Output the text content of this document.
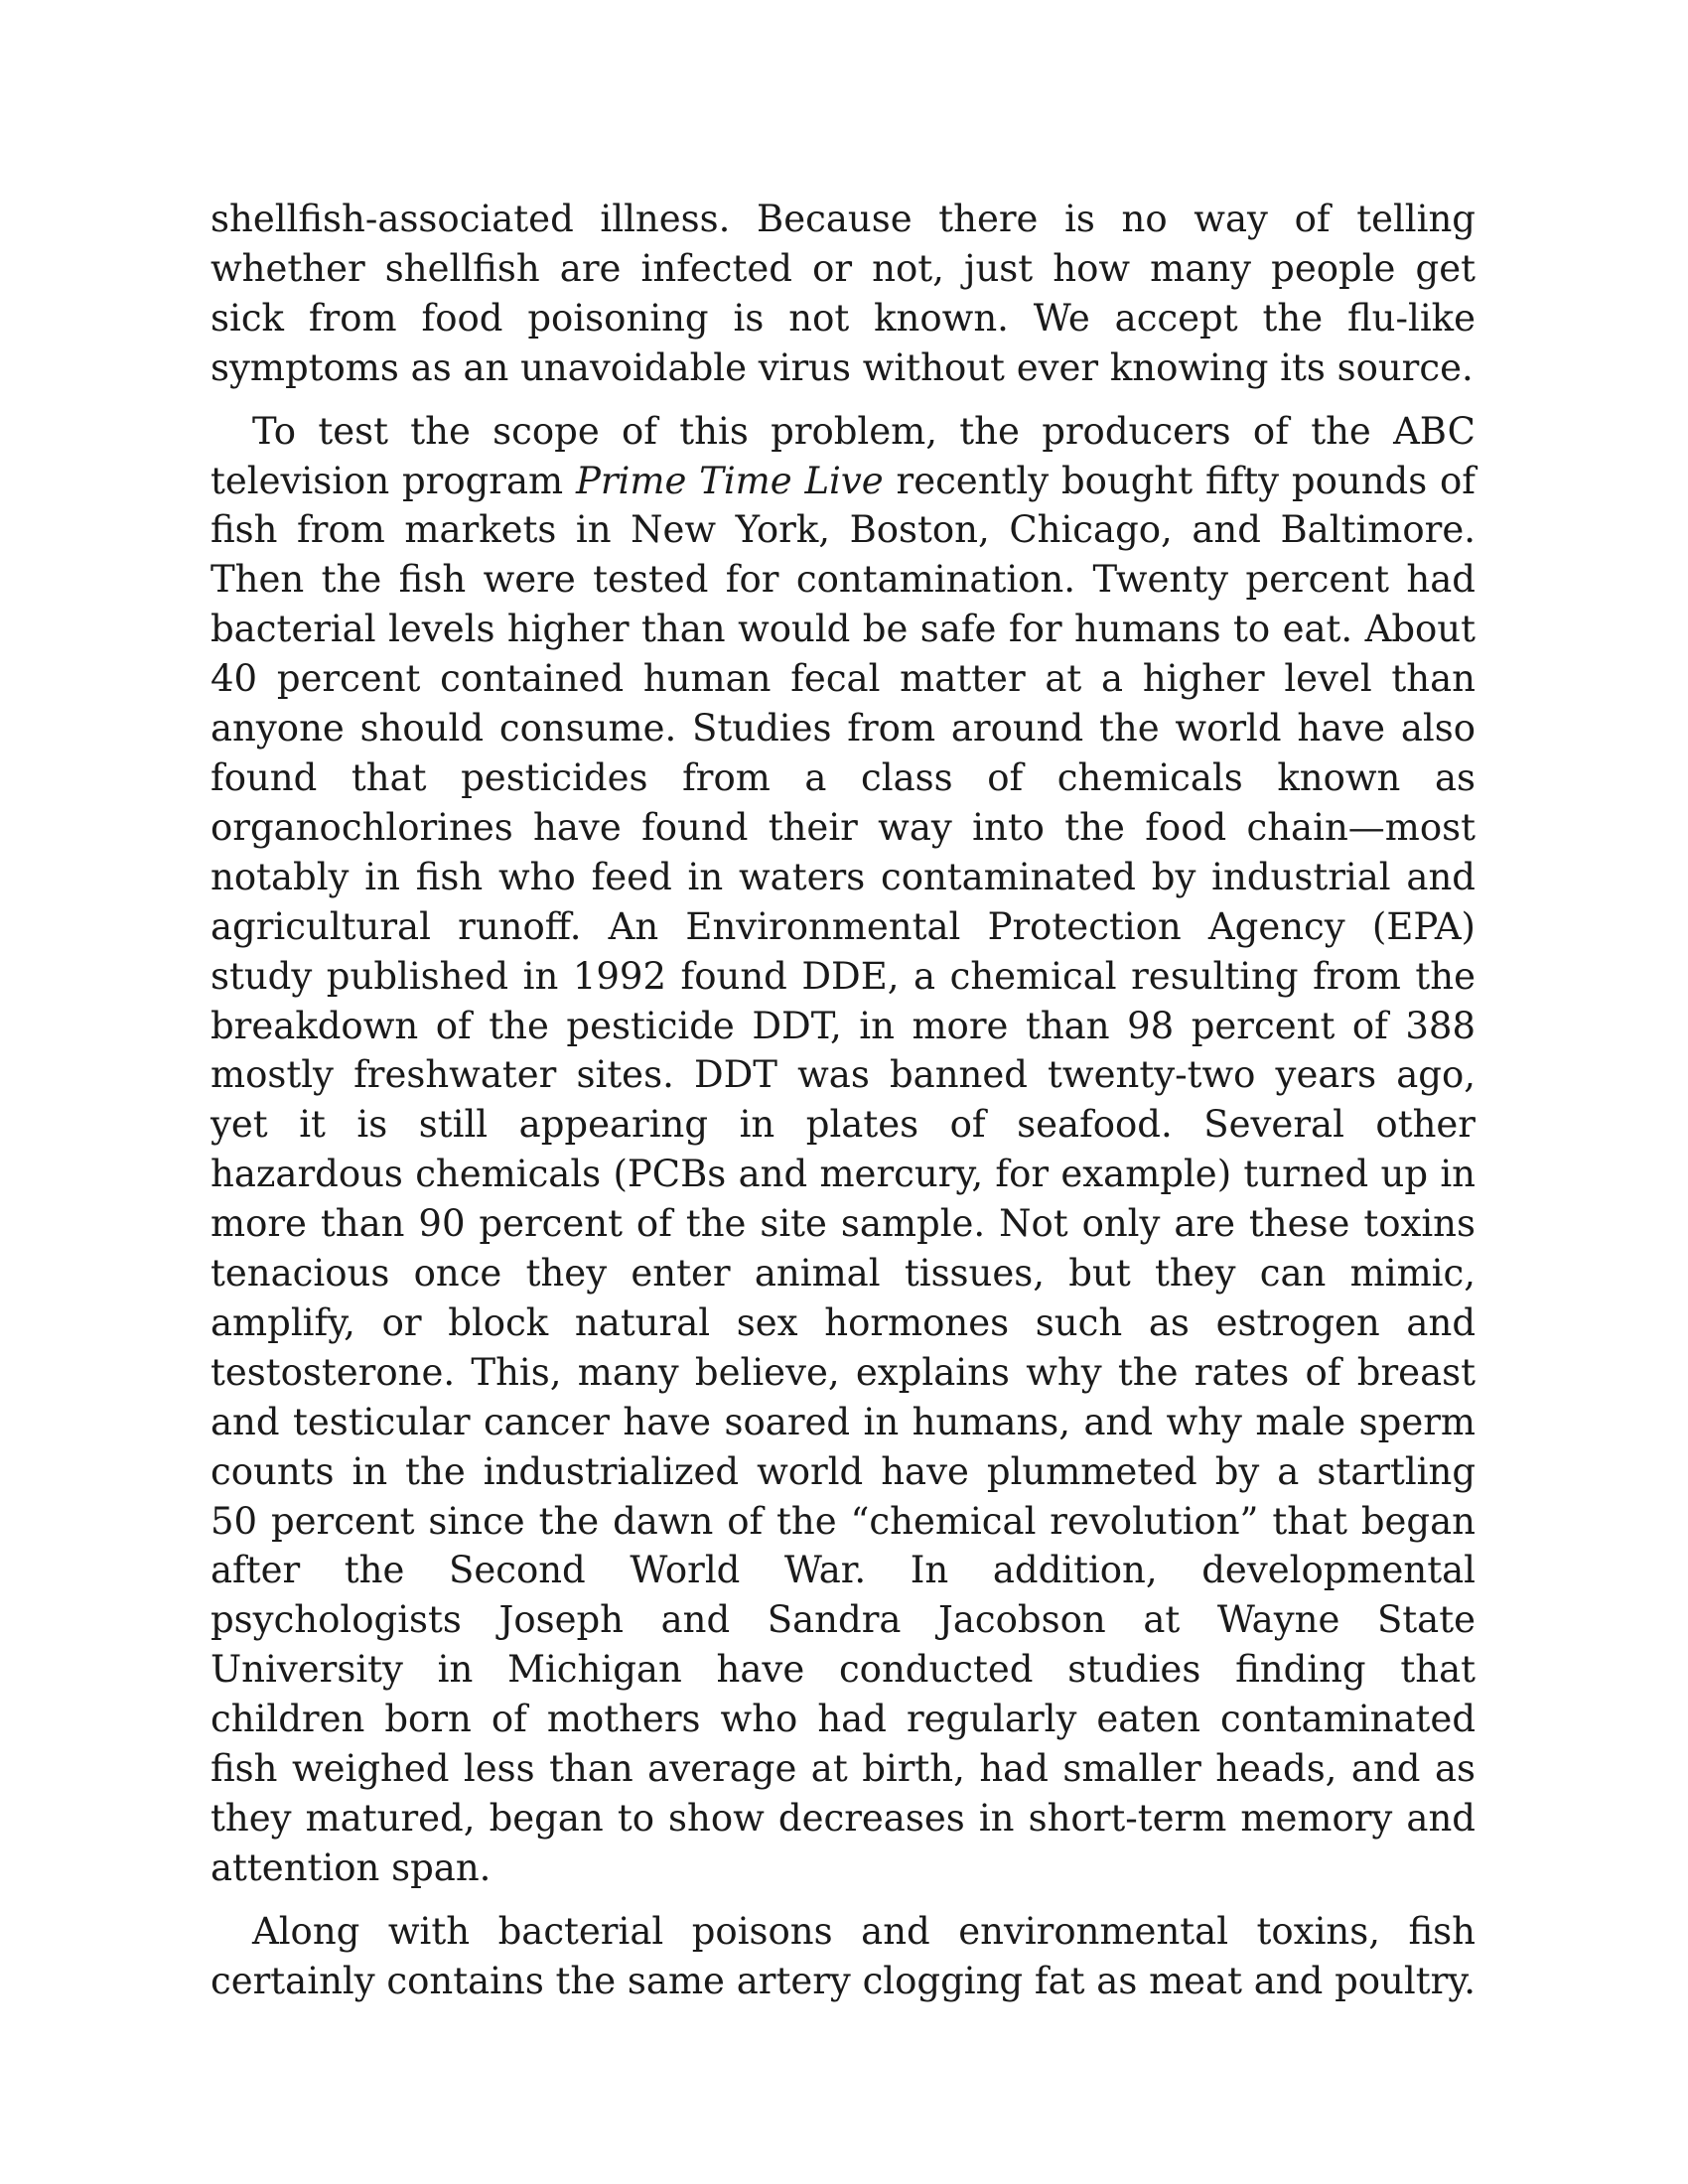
shellfish-associated illness. Because there is no way of telling whether shellfish are infected or not, just how many people get sick from food poisoning is not known. We accept the flu-like symptoms as an unavoidable virus without ever knowing its source.

To test the scope of this problem, the producers of the ABC television program Prime Time Live recently bought fifty pounds of fish from markets in New York, Boston, Chicago, and Baltimore. Then the fish were tested for contamination. Twenty percent had bacterial levels higher than would be safe for humans to eat. About 40 percent contained human fecal matter at a higher level than anyone should consume. Studies from around the world have also found that pesticides from a class of chemicals known as organochlorines have found their way into the food chain—most notably in fish who feed in waters contaminated by industrial and agricultural runoff. An Environmental Protection Agency (EPA) study published in 1992 found DDE, a chemical resulting from the breakdown of the pesticide DDT, in more than 98 percent of 388 mostly freshwater sites. DDT was banned twenty-two years ago, yet it is still appearing in plates of seafood. Several other hazardous chemicals (PCBs and mercury, for example) turned up in more than 90 percent of the site sample. Not only are these toxins tenacious once they enter animal tissues, but they can mimic, amplify, or block natural sex hormones such as estrogen and testosterone. This, many believe, explains why the rates of breast and testicular cancer have soared in humans, and why male sperm counts in the industrialized world have plummeted by a startling 50 percent since the dawn of the “chemical revolution” that began after the Second World War. In addition, developmental psychologists Joseph and Sandra Jacobson at Wayne State University in Michigan have conducted studies finding that children born of mothers who had regularly eaten contaminated fish weighed less than average at birth, had smaller heads, and as they matured, began to show decreases in short-term memory and attention span.

Along with bacterial poisons and environmental toxins, fish certainly contains the same artery clogging fat as meat and poultry.
